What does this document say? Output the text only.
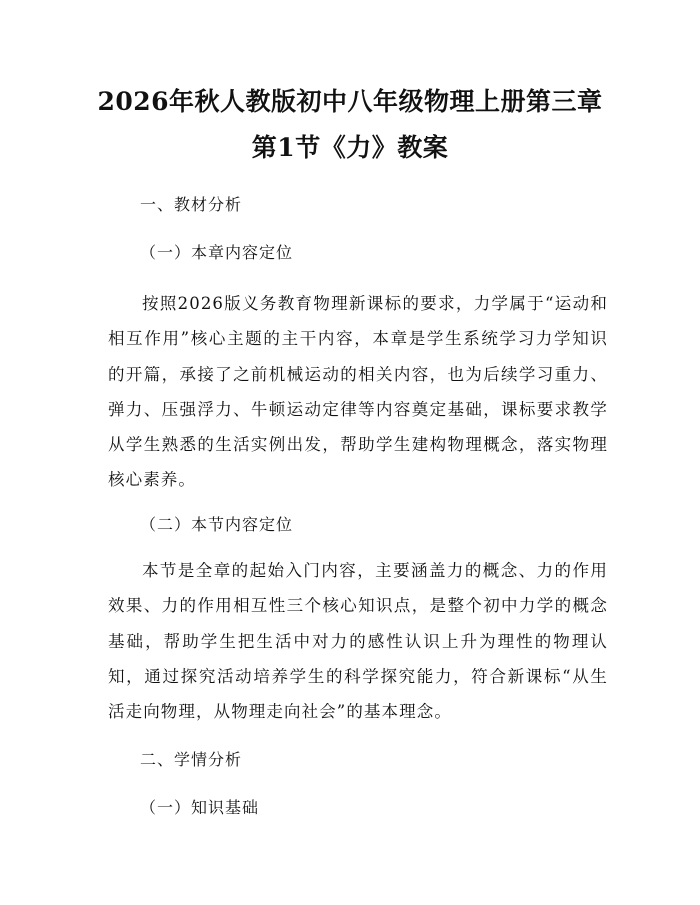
2026年秋人教版初中八年级物理上册第三章
第1节《力》教案
一、教材分析
（一）本章内容定位

按照2026版义务教育物理新课标的要求，力学属于“运动和相互作用”核心主题的主干内容，本章是学生系统学习力学知识的开篇，承接了之前机械运动的相关内容，也为后续学习重力、弹力、压强浮力、牛顿运动定律等内容奠定基础，课标要求教学从学生熟悉的生活实例出发，帮助学生建构物理概念，落实物理核心素养。

（二）本节内容定位

本节是全章的起始入门内容，主要涵盖力的概念、力的作用效果、力的作用相互性三个核心知识点，是整个初中力学的概念基础，帮助学生把生活中对力的感性认识上升为理性的物理认知，通过探究活动培养学生的科学探究能力，符合新课标“从生活走向物理，从物理走向社会”的基本理念。

二、学情分析
（一）知识基础
